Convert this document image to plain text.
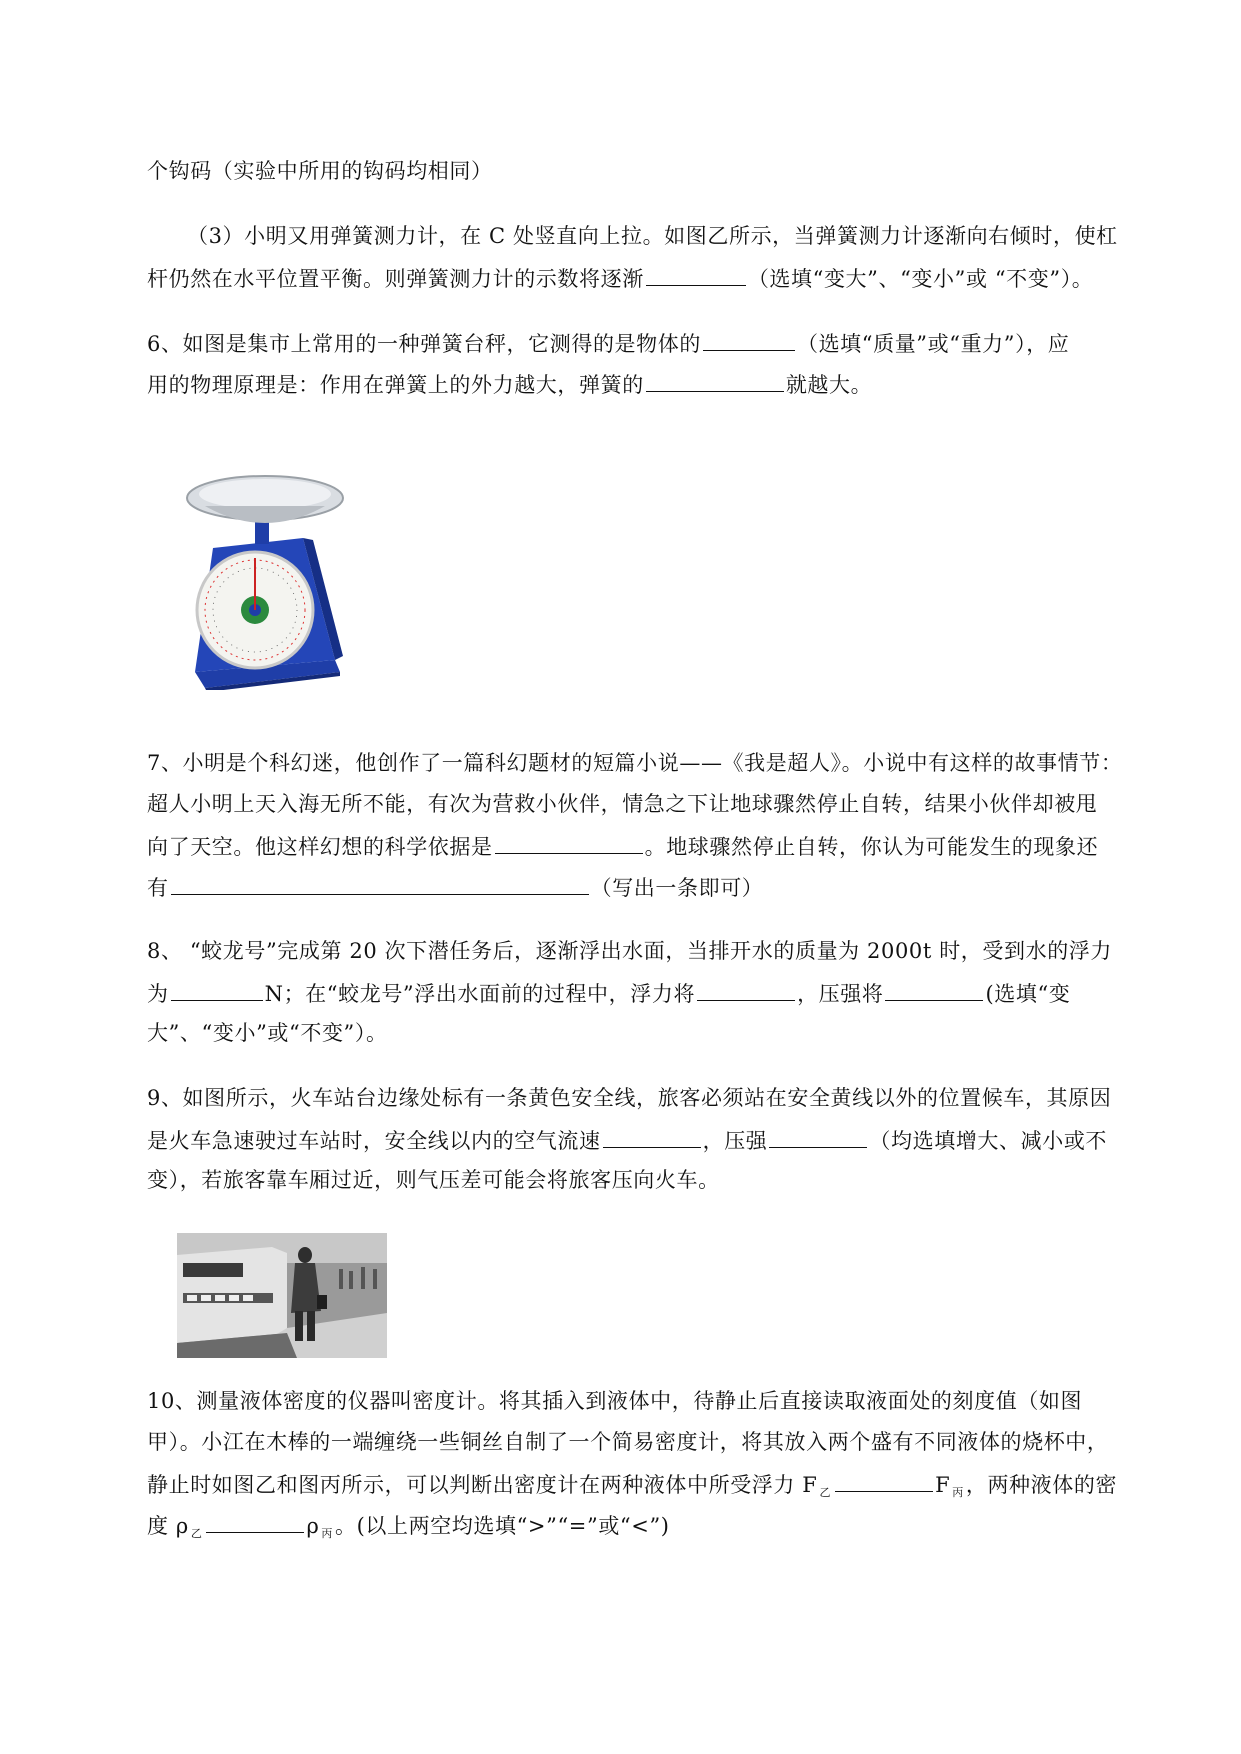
个钩码（实验中所用的钩码均相同）
（3）小明又用弹簧测力计，在 C 处竖直向上拉。如图乙所示，当弹簧测力计逐渐向右倾时，使杠
杆仍然在水平位置平衡。则弹簧测力计的示数将逐渐	（选填“变大”、“变小”或 “不变”）。
6、如图是集市上常用的一种弹簧台秤，它测得的是物体的	（选填“质量”或“重力”），应
用的物理原理是：作用在弹簧上的外力越大，弹簧的	就越大。
7、小明是个科幻迷，他创作了一篇科幻题材的短篇小说——《我是超人》。小说中有这样的故事情节：
超人小明上天入海无所不能，有次为营救小伙伴，情急之下让地球骤然停止自转，结果小伙伴却被甩
向了天空。他这样幻想的科学依据是	。地球骤然停止自转，你认为可能发生的现象还
有	（写出一条即可）
8、 “蛟龙号”完成第 20 次下潜任务后，逐渐浮出水面，当排开水的质量为 2000t 时，受到水的浮力
为	N；在“蛟龙号”浮出水面前的过程中，浮力将	，压强将	(选填“变
大”、“变小”或“不变”）。
9、如图所示，火车站台边缘处标有一条黄色安全线，旅客必须站在安全黄线以外的位置候车，其原因
是火车急速驶过车站时，安全线以内的空气流速	，压强	（均选填增大、减小或不
变），若旅客靠车厢过近，则气压差可能会将旅客压向火车。
10、测量液体密度的仪器叫密度计。将其插入到液体中，待静止后直接读取液面处的刻度值（如图
甲）。小江在木棒的一端缠绕一些铜丝自制了一个简易密度计，将其放入两个盛有不同液体的烧杯中，
静止时如图乙和图丙所示，可以判断出密度计在两种液体中所受浮力 F $_乙$	F $_丙$，两种液体的密
度 ρ $_乙$	ρ $_丙$。(以上两空均选填“>”“=”或“<”)
